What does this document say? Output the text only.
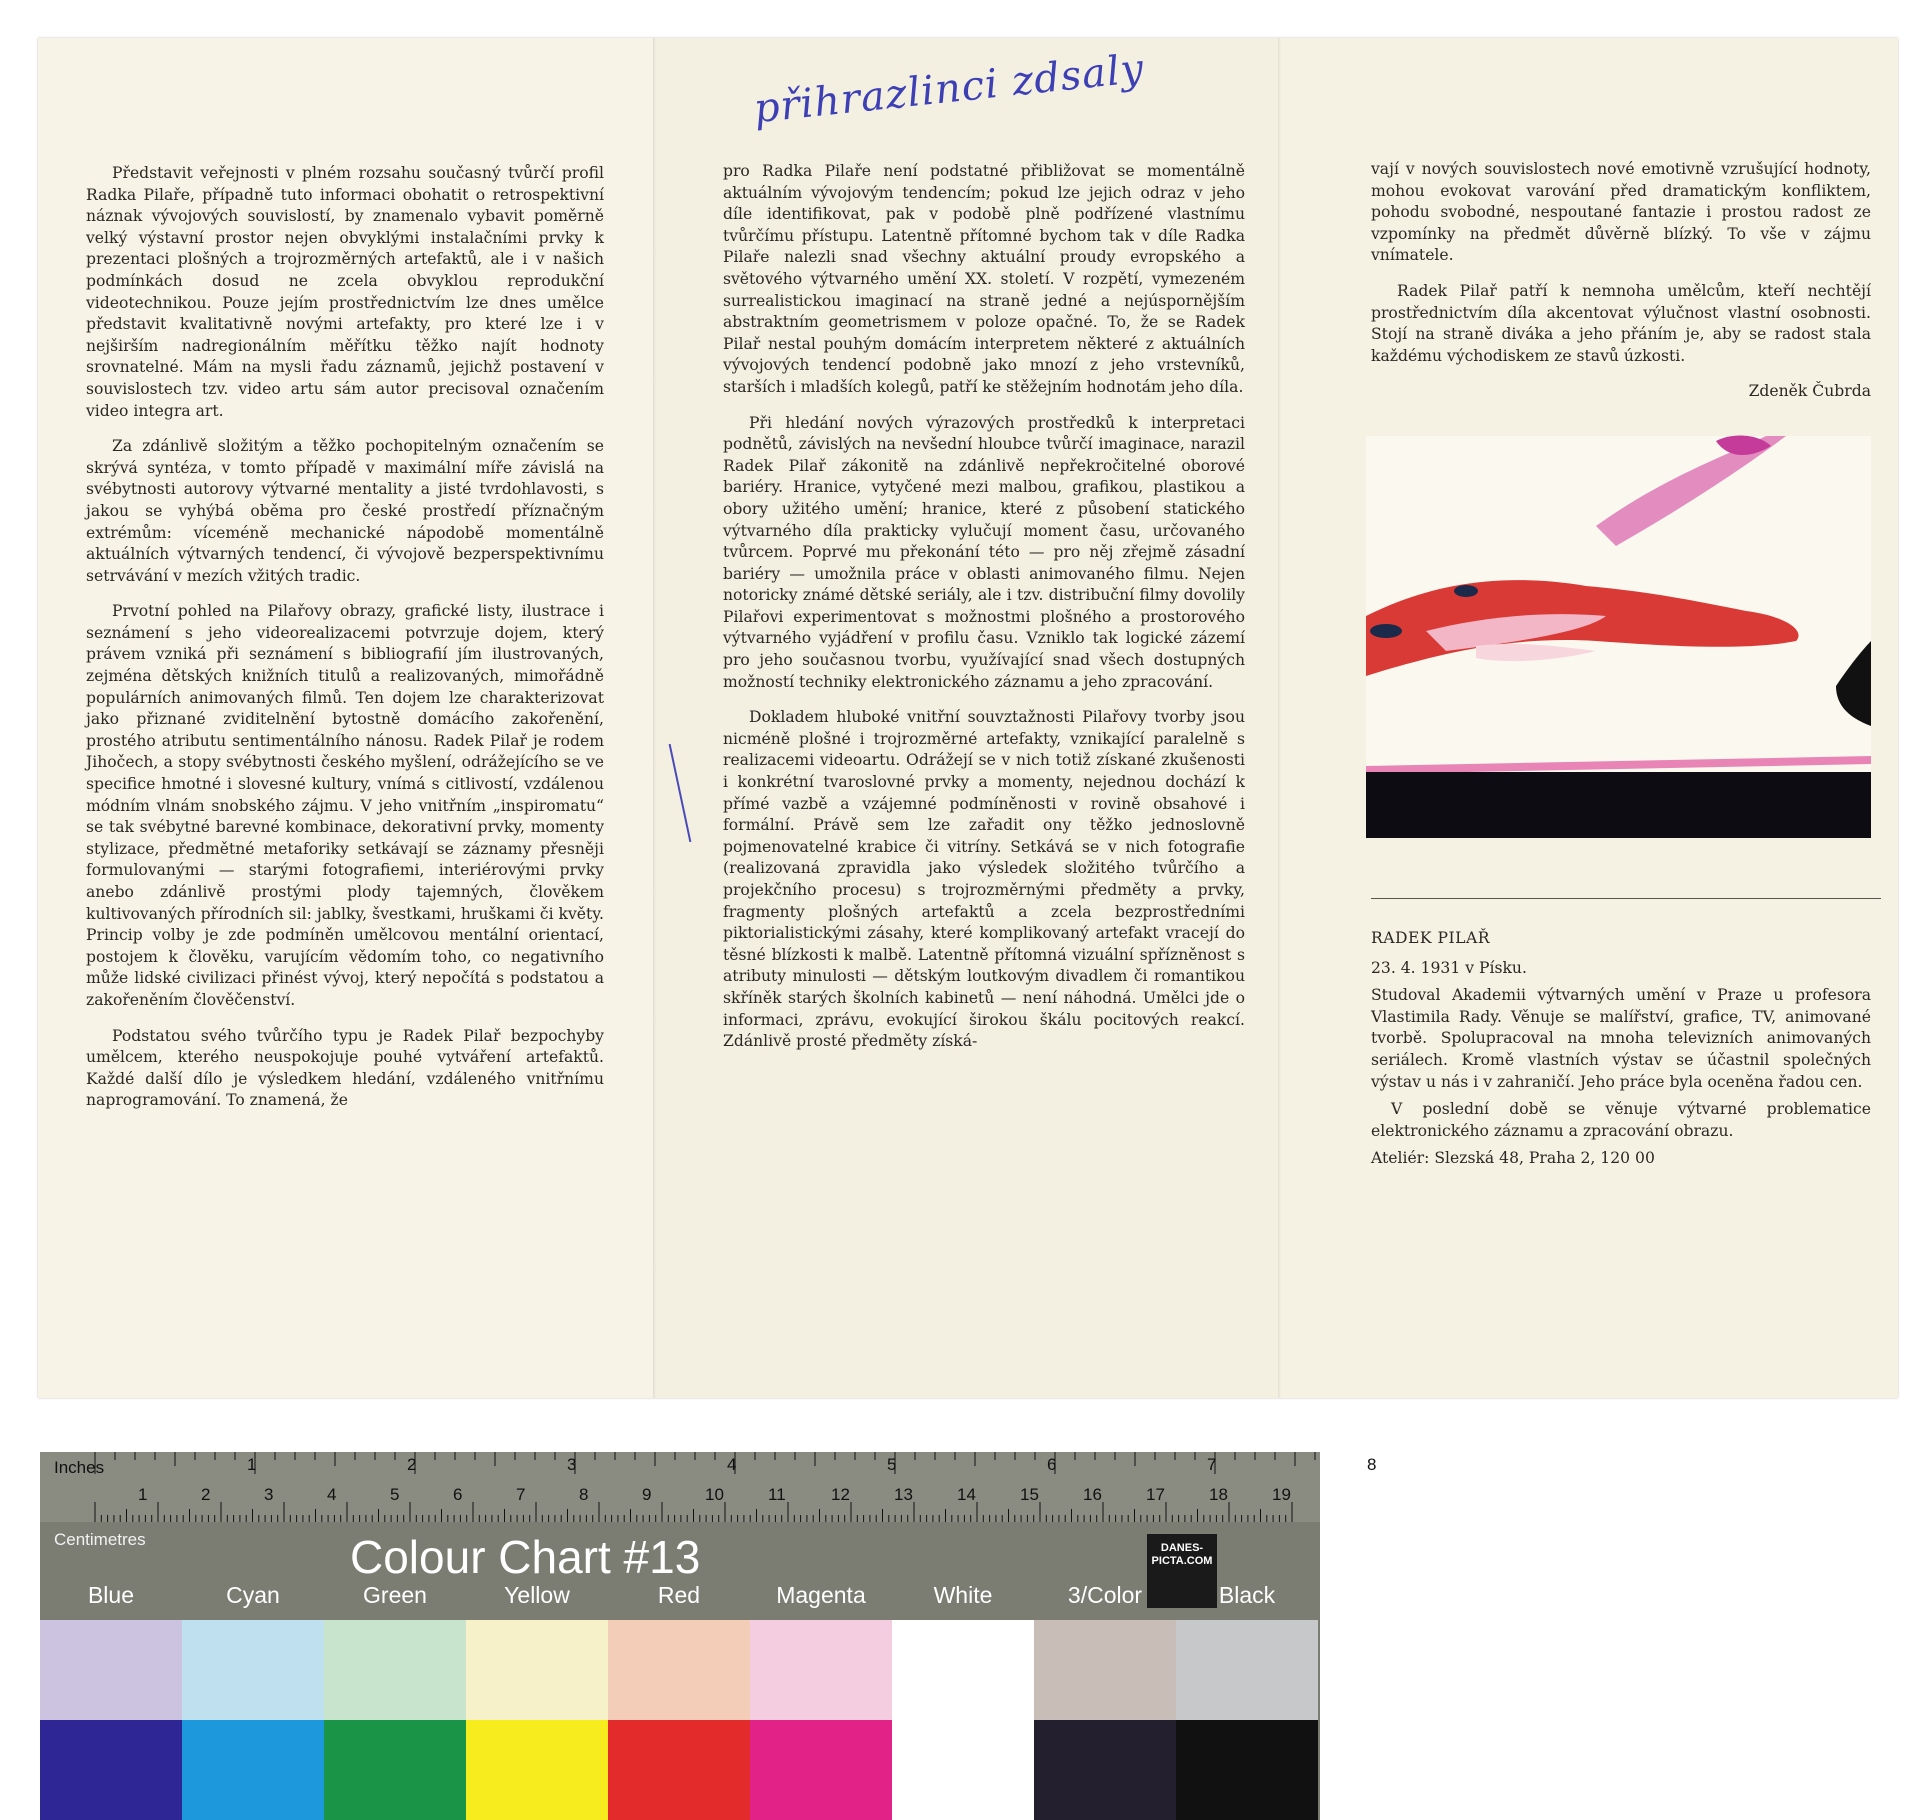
Představit veřejnosti v plném rozsahu současný tvůrčí profil Radka Pilaře, případně tuto informaci obohatit o retrospektivní náznak vývojových souvislostí, by znamenalo vybavit poměrně velký výstavní prostor nejen obvyklými instalačními prvky k prezentaci plošných a trojrozměrných artefaktů, ale i v našich podmínkách dosud ne zcela obvyklou reprodukční videotechnikou. Pouze jejím prostřednictvím lze dnes umělce představit kvalitativně novými artefakty, pro které lze i v nejširším nadregionálním měřítku těžko najít hodnoty srovnatelné. Mám na mysli řadu záznamů, jejichž postavení v souvislostech tzv. video artu sám autor precisoval označením video integra art.

Za zdánlivě složitým a těžko pochopitelným označením se skrývá syntéza, v tomto případě v maximální míře závislá na svébytnosti autorovy výtvarné mentality a jisté tvrdohlavosti, s jakou se vyhýbá oběma pro české prostředí příznačným extrémům: víceméně mechanické nápodobě momentálně aktuálních výtvarných tendencí, či vývojově bezperspektivnímu setrvávání v mezích vžitých tradic.

Prvotní pohled na Pilařovy obrazy, grafické listy, ilustrace i seznámení s jeho videorealizacemi potvrzuje dojem, který právem vzniká při seznámení s bibliografií jím ilustrovaných, zejména dětských knižních titulů a realizovaných, mimořádně populárních animovaných filmů. Ten dojem lze charakterizovat jako přiznané zviditelnění bytostně domácího zakořenění, prostého atributu sentimentálního nánosu. Radek Pilař je rodem Jihočech, a stopy svébytnosti českého myšlení, odrážejícího se ve specifice hmotné i slovesné kultury, vnímá s citlivostí, vzdálenou módním vlnám snobského zájmu. V jeho vnitřním „inspiromatu“ se tak svébytné barevné kombinace, dekorativní prvky, momenty stylizace, předmětné metaforiky setkávají se záznamy přesněji formulovanými — starými fotografiemi, interiérovými prvky anebo zdánlivě prostými plody tajemných, člověkem kultivovaných přírodních sil: jablky, švestkami, hruškami či květy. Princip volby je zde podmíněn umělcovou mentální orientací, postojem k člověku, varujícím vědomím toho, co negativního může lidské civilizaci přinést vývoj, který nepočítá s podstatou a zakořeněním člověčenství.

Podstatou svého tvůrčího typu je Radek Pilař bezpochyby umělcem, kterého neuspokojuje pouhé vytváření artefaktů. Každé další dílo je výsledkem hledání, vzdáleného vnitřnímu naprogramování. To znamená, že

přihrazlinci zdsaly

pro Radka Pilaře není podstatné přibližovat se momentálně aktuálním vývojovým tendencím; pokud lze jejich odraz v jeho díle identifikovat, pak v podobě plně podřízené vlastnímu tvůrčímu přístupu. Latentně přítomné bychom tak v díle Radka Pilaře nalezli snad všechny aktuální proudy evropského a světového výtvarného umění XX. století. V rozpětí, vymezeném surrealistickou imaginací na straně jedné a nejúspornějším abstraktním geometrismem v poloze opačné. To, že se Radek Pilař nestal pouhým domácím interpretem některé z aktuálních vývojových tendencí podobně jako mnozí z jeho vrstevníků, starších i mladších kolegů, patří ke stěžejním hodnotám jeho díla.

Při hledání nových výrazových prostředků k interpretaci podnětů, závislých na nevšední hloubce tvůrčí imaginace, narazil Radek Pilař zákonitě na zdánlivě nepřekročitelné oborové bariéry. Hranice, vytyčené mezi malbou, grafikou, plastikou a obory užitého umění; hranice, které z působení statického výtvarného díla prakticky vylučují moment času, určovaného tvůrcem. Poprvé mu překonání této — pro něj zřejmě zásadní bariéry — umožnila práce v oblasti animovaného filmu. Nejen notoricky známé dětské seriály, ale i tzv. distribuční filmy dovolily Pilařovi experimentovat s možnostmi plošného a prostorového výtvarného vyjádření v profilu času. Vzniklo tak logické zázemí pro jeho současnou tvorbu, využívající snad všech dostupných možností techniky elektronického záznamu a jeho zpracování.

Dokladem hluboké vnitřní souvztažnosti Pilařovy tvorby jsou nicméně plošné i trojrozměrné artefakty, vznikající paralelně s realizacemi videoartu. Odrážejí se v nich totiž získané zkušenosti i konkrétní tvaroslovné prvky a momenty, nejednou dochází k přímé vazbě a vzájemné podmíněnosti v rovině obsahové i formální. Právě sem lze zařadit ony těžko jednoslovně pojmenovatelné krabice či vitríny. Setkává se v nich fotografie (realizovaná zpravidla jako výsledek složitého tvůrčího a projekčního procesu) s trojrozměrnými předměty a prvky, fragmenty plošných artefaktů a zcela bezprostředními piktorialistickými zásahy, které komplikovaný artefakt vracejí do těsné blízkosti k malbě. Latentně přítomná vizuální spřízněnost s atributy minulosti — dětským loutkovým divadlem či romantikou skříněk starých školních kabinetů — není náhodná. Umělci jde o informaci, zprávu, evokující širokou škálu pocitových reakcí. Zdánlivě prosté předměty získá-

vají v nových souvislostech nové emotivně vzrušující hodnoty, mohou evokovat varování před dramatickým konfliktem, pohodu svobodné, nespoutané fantazie i prostou radost ze vzpomínky na předmět důvěrně blízký. To vše v zájmu vnímatele.

Radek Pilař patří k nemnoha umělcům, kteří nechtějí prostřednictvím díla akcentovat výlučnost vlastní osobnosti. Stojí na straně diváka a jeho přáním je, aby se radost stala každému východiskem ze stavů úzkosti.

Zdeněk Čubrda

RADEK PILAŘ

23. 4. 1931 v Písku.

Studoval Akademii výtvarných umění v Praze u profesora Vlastimila Rady. Věnuje se malířství, grafice, TV, animované tvorbě. Spolupracoval na mnoha televizních animovaných seriálech. Kromě vlastních výstav se účastnil společných výstav u nás i v zahraničí. Jeho práce byla oceněna řadou cen.

V poslední době se věnuje výtvarné problematice elektronického záznamu a zpracování obrazu.

Ateliér: Slezská 48, Praha 2, 120 00

1	2	3	4	5	6	7	8
1	2	3	4	5	6	7	8	9	10	11	12	13	14	15	16	17	18	19
Inches
Centimetres	Colour Chart #13	DANES-PICTA.COM
Blue	Cyan	Green	Yellow	Red	Magenta	White	3/Color	Black
